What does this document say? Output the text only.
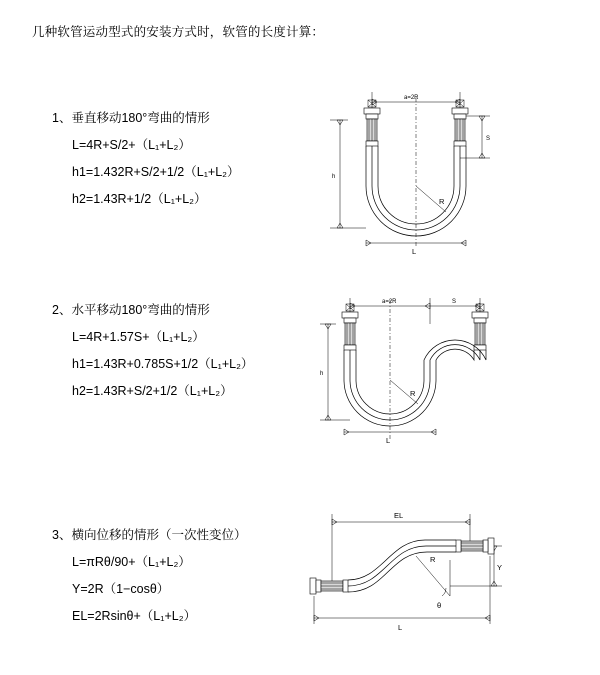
几种软管运动型式的安装方式时，软管的长度计算：
1、垂直移动180°弯曲的情形
L=4R+S/2+（L₁+L₂）
h1=1.432R+S/2+1/2（L₁+L₂）
h2=1.43R+1/2（L₁+L₂）
a=2R
S
h
R
L
2、水平移动180°弯曲的情形
L=4R+1.57S+（L₁+L₂）
h1=1.43R+0.785S+1/2（L₁+L₂）
h2=1.43R+S/2+1/2（L₁+L₂）
a=2R	S
h
R
L
3、横向位移的情形（一次性变位）
L=πRθ/90+（L₁+L₂）
Y=2R（1−cosθ）
EL=2Rsinθ+（L₁+L₂）
EL
Y
θ
R
L
